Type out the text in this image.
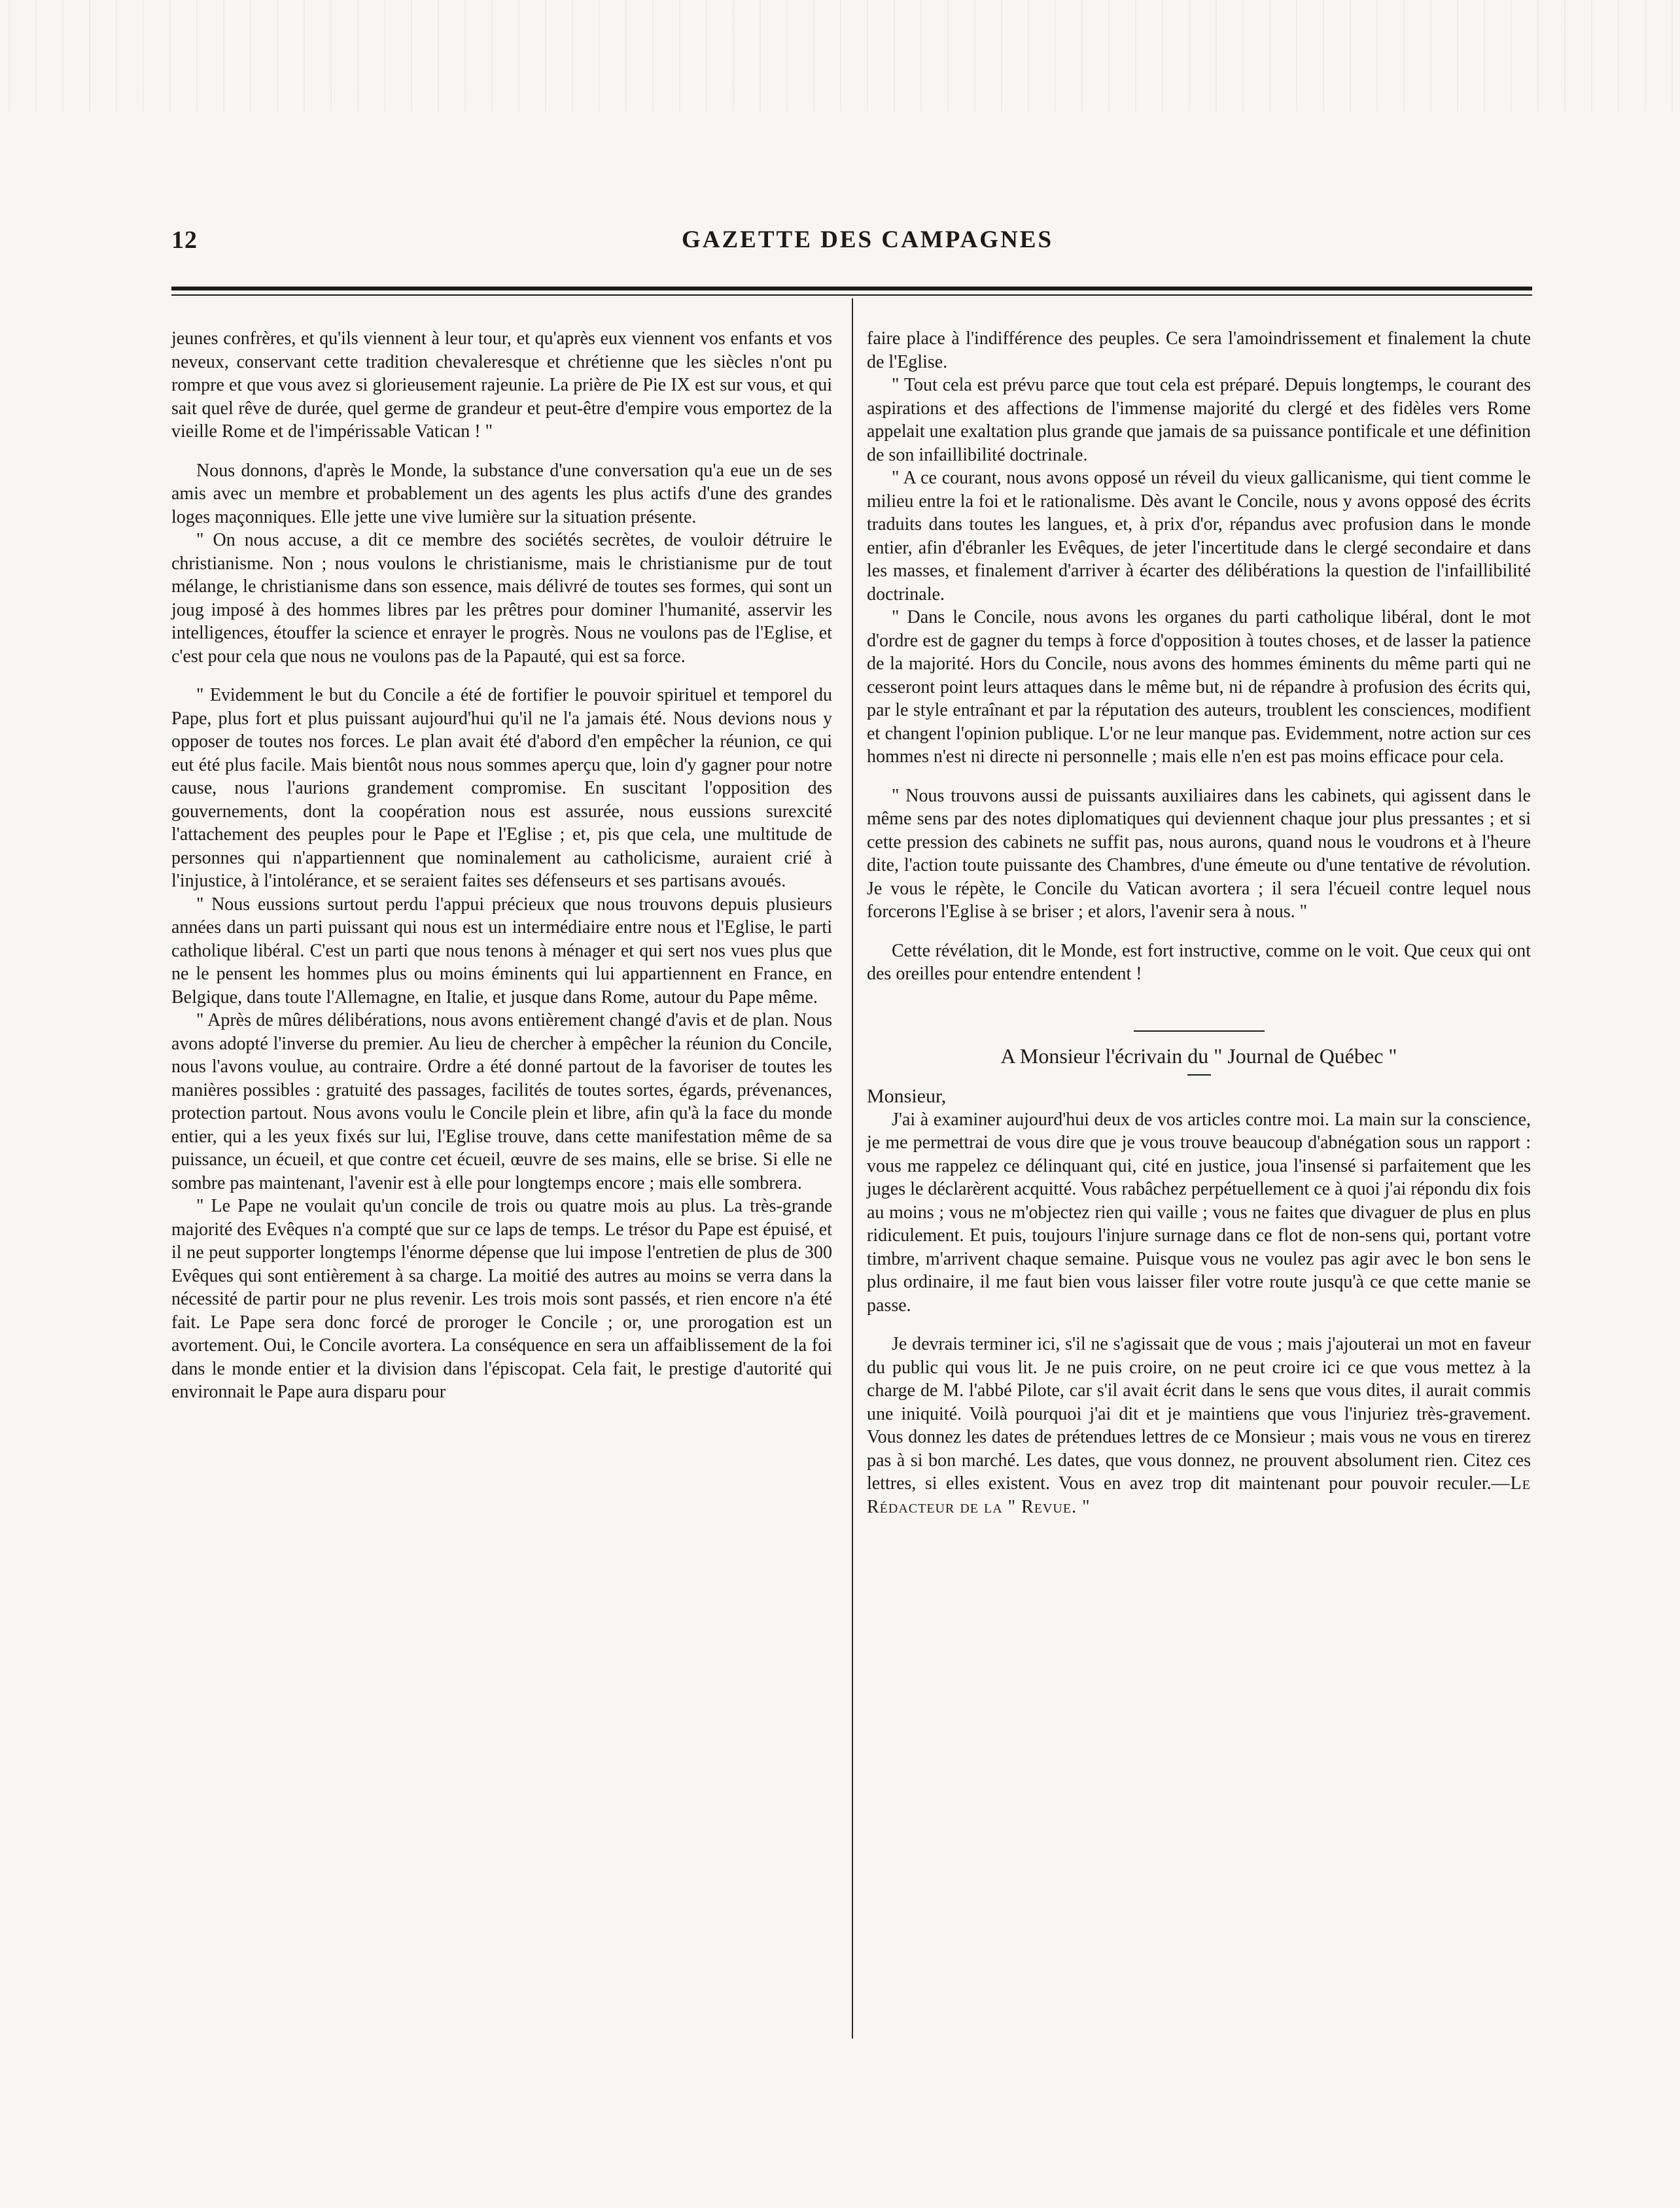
12	GAZETTE DES CAMPAGNES

jeunes confrères, et qu'ils viennent à leur tour, et qu'après eux viennent vos enfants et vos neveux, conservant cette tradition chevaleresque et chrétienne que les siècles n'ont pu rompre et que vous avez si glorieusement rajeunie. La prière de Pie IX est sur vous, et qui sait quel rêve de durée, quel germe de grandeur et peut-être d'empire vous emportez de la vieille Rome et de l'impérissable Vatican ! "

Nous donnons, d'après le Monde, la substance d'une conversation qu'a eue un de ses amis avec un membre et probablement un des agents les plus actifs d'une des grandes loges maçonniques. Elle jette une vive lumière sur la situation présente.

" On nous accuse, a dit ce membre des sociétés secrètes, de vouloir détruire le christianisme. Non ; nous voulons le christianisme, mais le christianisme pur de tout mélange, le christianisme dans son essence, mais délivré de toutes ses formes, qui sont un joug imposé à des hommes libres par les prêtres pour dominer l'humanité, asservir les intelligences, étouffer la science et enrayer le progrès. Nous ne voulons pas de l'Eglise, et c'est pour cela que nous ne voulons pas de la Papauté, qui est sa force.

" Evidemment le but du Concile a été de fortifier le pouvoir spirituel et temporel du Pape, plus fort et plus puissant aujourd'hui qu'il ne l'a jamais été. Nous devions nous y opposer de toutes nos forces. Le plan avait été d'abord d'en empêcher la réunion, ce qui eut été plus facile. Mais bientôt nous nous sommes aperçu que, loin d'y gagner pour notre cause, nous l'aurions grandement compromise. En suscitant l'opposition des gouvernements, dont la coopération nous est assurée, nous eussions surexcité l'attachement des peuples pour le Pape et l'Eglise ; et, pis que cela, une multitude de personnes qui n'appartiennent que nominalement au catholicisme, auraient crié à l'injustice, à l'intolérance, et se seraient faites ses défenseurs et ses partisans avoués.

" Nous eussions surtout perdu l'appui précieux que nous trouvons depuis plusieurs années dans un parti puissant qui nous est un intermédiaire entre nous et l'Eglise, le parti catholique libéral. C'est un parti que nous tenons à ménager et qui sert nos vues plus que ne le pensent les hommes plus ou moins éminents qui lui appartiennent en France, en Belgique, dans toute l'Allemagne, en Italie, et jusque dans Rome, autour du Pape même.

" Après de mûres délibérations, nous avons entièrement changé d'avis et de plan. Nous avons adopté l'inverse du premier. Au lieu de chercher à empêcher la réunion du Concile, nous l'avons voulue, au contraire. Ordre a été donné partout de la favoriser de toutes les manières possibles : gratuité des passages, facilités de toutes sortes, égards, prévenances, protection partout. Nous avons voulu le Concile plein et libre, afin qu'à la face du monde entier, qui a les yeux fixés sur lui, l'Eglise trouve, dans cette manifestation même de sa puissance, un écueil, et que contre cet écueil, œuvre de ses mains, elle se brise. Si elle ne sombre pas maintenant, l'avenir est à elle pour longtemps encore ; mais elle sombrera.

" Le Pape ne voulait qu'un concile de trois ou quatre mois au plus. La très-grande majorité des Evêques n'a compté que sur ce laps de temps. Le trésor du Pape est épuisé, et il ne peut supporter longtemps l'énorme dépense que lui impose l'entretien de plus de 300 Evêques qui sont entièrement à sa charge. La moitié des autres au moins se verra dans la nécessité de partir pour ne plus revenir. Les trois mois sont passés, et rien encore n'a été fait. Le Pape sera donc forcé de proroger le Concile ; or, une prorogation est un avortement. Oui, le Concile avortera. La conséquence en sera un affaiblissement de la foi dans le monde entier et la division dans l'épiscopat. Cela fait, le prestige d'autorité qui environnait le Pape aura disparu pour

faire place à l'indifférence des peuples. Ce sera l'amoindrissement et finalement la chute de l'Eglise.

" Tout cela est prévu parce que tout cela est préparé. Depuis longtemps, le courant des aspirations et des affections de l'immense majorité du clergé et des fidèles vers Rome appelait une exaltation plus grande que jamais de sa puissance pontificale et une définition de son infaillibilité doctrinale.

" A ce courant, nous avons opposé un réveil du vieux gallicanisme, qui tient comme le milieu entre la foi et le rationalisme. Dès avant le Concile, nous y avons opposé des écrits traduits dans toutes les langues, et, à prix d'or, répandus avec profusion dans le monde entier, afin d'ébranler les Evêques, de jeter l'incertitude dans le clergé secondaire et dans les masses, et finalement d'arriver à écarter des délibérations la question de l'infaillibilité doctrinale.

" Dans le Concile, nous avons les organes du parti catholique libéral, dont le mot d'ordre est de gagner du temps à force d'opposition à toutes choses, et de lasser la patience de la majorité. Hors du Concile, nous avons des hommes éminents du même parti qui ne cesseront point leurs attaques dans le même but, ni de répandre à profusion des écrits qui, par le style entraînant et par la réputation des auteurs, troublent les consciences, modifient et changent l'opinion publique. L'or ne leur manque pas. Evidemment, notre action sur ces hommes n'est ni directe ni personnelle ; mais elle n'en est pas moins efficace pour cela.

" Nous trouvons aussi de puissants auxiliaires dans les cabinets, qui agissent dans le même sens par des notes diplomatiques qui deviennent chaque jour plus pressantes ; et si cette pression des cabinets ne suffit pas, nous aurons, quand nous le voudrons et à l'heure dite, l'action toute puissante des Chambres, d'une émeute ou d'une tentative de révolution. Je vous le répète, le Concile du Vatican avortera ; il sera l'écueil contre lequel nous forcerons l'Eglise à se briser ; et alors, l'avenir sera à nous. "

Cette révélation, dit le Monde, est fort instructive, comme on le voit. Que ceux qui ont des oreilles pour entendre entendent !

A Monsieur l'écrivain du " Journal de Québec "

Monsieur,

J'ai à examiner aujourd'hui deux de vos articles contre moi. La main sur la conscience, je me permettrai de vous dire que je vous trouve beaucoup d'abnégation sous un rapport : vous me rappelez ce délinquant qui, cité en justice, joua l'insensé si parfaitement que les juges le déclarèrent acquitté. Vous rabâchez perpétuellement ce à quoi j'ai répondu dix fois au moins ; vous ne m'objectez rien qui vaille ; vous ne faites que divaguer de plus en plus ridiculement. Et puis, toujours l'injure surnage dans ce flot de non-sens qui, portant votre timbre, m'arrivent chaque semaine. Puisque vous ne voulez pas agir avec le bon sens le plus ordinaire, il me faut bien vous laisser filer votre route jusqu'à ce que cette manie se passe.

Je devrais terminer ici, s'il ne s'agissait que de vous ; mais j'ajouterai un mot en faveur du public qui vous lit. Je ne puis croire, on ne peut croire ici ce que vous mettez à la charge de M. l'abbé Pilote, car s'il avait écrit dans le sens que vous dites, il aurait commis une iniquité. Voilà pourquoi j'ai dit et je maintiens que vous l'injuriez très-gravement. Vous donnez les dates de prétendues lettres de ce Monsieur ; mais vous ne vous en tirerez pas à si bon marché. Les dates, que vous donnez, ne prouvent absolument rien. Citez ces lettres, si elles existent. Vous en avez trop dit maintenant pour pouvoir reculer.—Le Rédacteur de la " Revue. "
